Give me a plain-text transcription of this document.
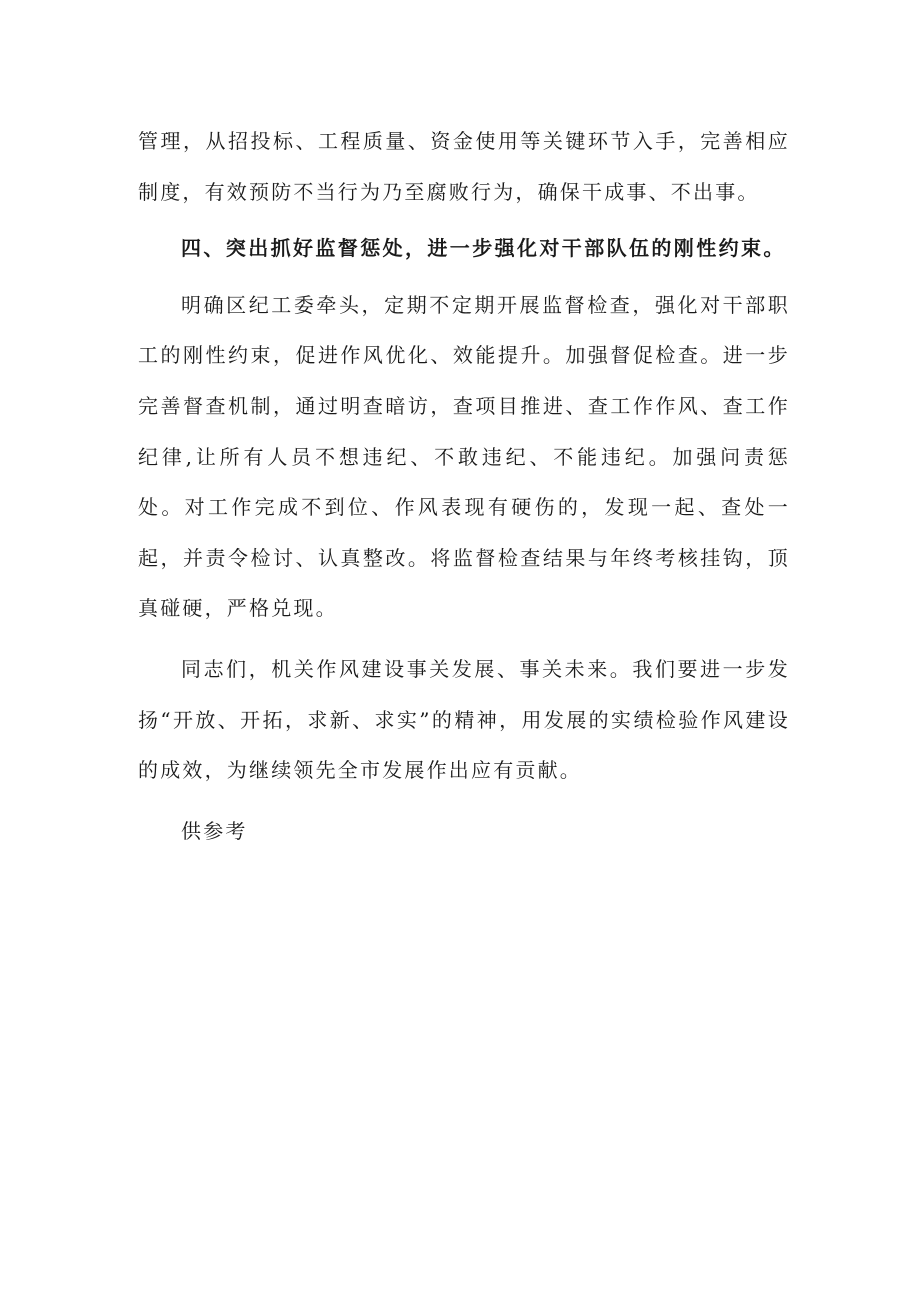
管理，从招投标、工程质量、资金使用等关键环节入手，完善相应制度，有效预防不当行为乃至腐败行为，确保干成事、不出事。

四、突出抓好监督惩处，进一步强化对干部队伍的刚性约束。

明确区纪工委牵头，定期不定期开展监督检查，强化对干部职工的刚性约束，促进作风优化、效能提升。加强督促检查。进一步完善督查机制，通过明查暗访，查项目推进、查工作作风、查工作纪律,让所有人员不想违纪、不敢违纪、不能违纪。加强问责惩处。对工作完成不到位、作风表现有硬伤的，发现一起、查处一起，并责令检讨、认真整改。将监督检查结果与年终考核挂钩，顶真碰硬，严格兑现。

同志们，机关作风建设事关发展、事关未来。我们要进一步发扬“开放、开拓，求新、求实”的精神，用发展的实绩检验作风建设的成效，为继续领先全市发展作出应有贡献。

供参考
